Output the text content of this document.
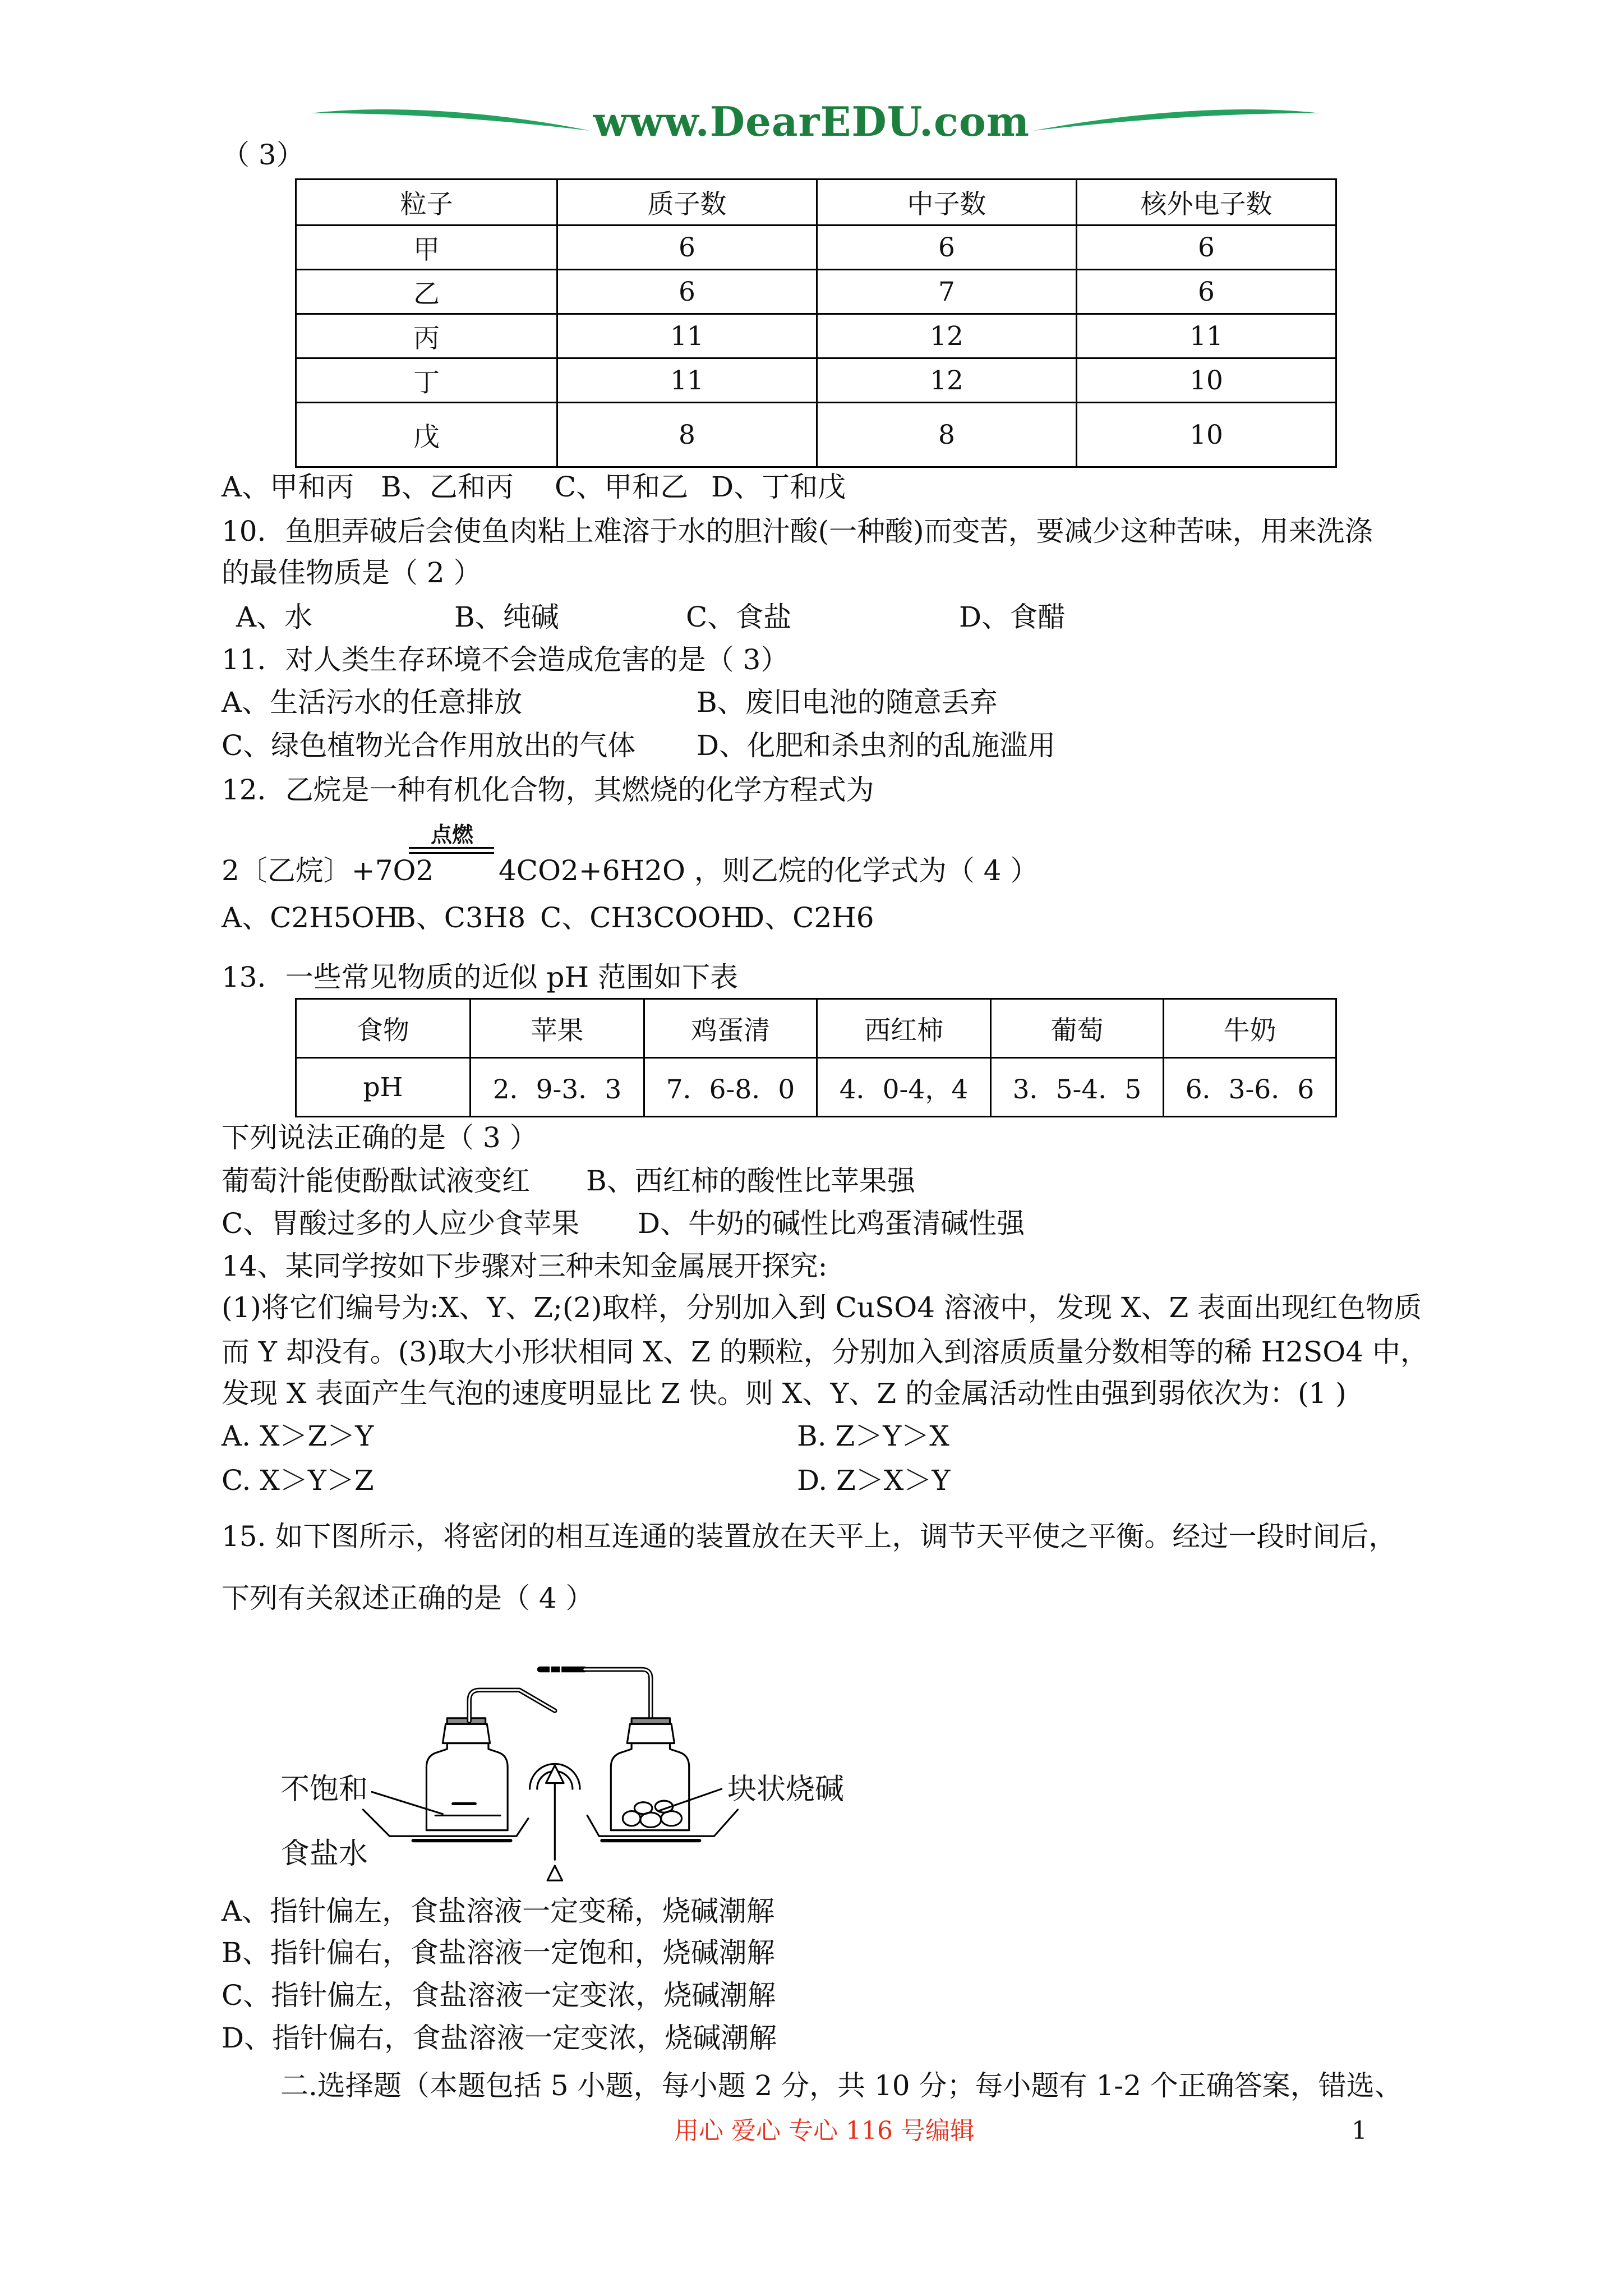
www.DearEDU.com
（ 3）
粒子	质子数	中子数	核外电子数
甲	6	6	6
乙	6	7	6
丙	11	12	11
丁	11	12	10
戊	8	8	10
A、甲和丙 B、乙和丙 C、甲和乙 D、丁和戊
10．鱼胆弄破后会使鱼肉粘上难溶于水的胆汁酸(一种酸)而变苦，要减少这种苦味，用来洗涤
的最佳物质是（ 2 ）
A、水	B、纯碱	C、食盐	D、食醋
11．对人类生存环境不会造成危害的是（ 3）
A、生活污水的任意排放	B、废旧电池的随意丢弃
C、绿色植物光合作用放出的气体 D、化肥和杀虫剂的乱施滥用
12．乙烷是一种有机化合物，其燃烧的化学方程式为
点燃
2〔乙烷〕+7O2 4CO2+6H2O ，则乙烷的化学式为（ 4 ）
A、C2H5OH
B、C3H8 C、CH3COOH
D、C2H6
13．一些常见物质的近似 pH 范围如下表
食物	苹果	鸡蛋清	西红柿	葡萄	牛奶
pH	2．9-3．3	7．6-8．0	4．0-4，4	3．5-4．5	6．3-6．6
下列说法正确的是（ 3 ）
葡萄汁能使酚酞试液变红 B、西红柿的酸性比苹果强
C、胃酸过多的人应少食苹果 D、牛奶的碱性比鸡蛋清碱性强
14、某同学按如下步骤对三种未知金属展开探究:
(1)将它们编号为:X、Y、Z;(2)取样，分别加入到 CuSO4 溶液中，发现 X、Z 表面出现红色物质
而 Y 却没有。(3)取大小形状相同 X、Z 的颗粒，分别加入到溶质质量分数相等的稀 H2SO4 中，
发现 X 表面产生气泡的速度明显比 Z 快。则 X、Y、Z 的金属活动性由强到弱依次为：(1 )
A. X＞Z＞Y	B. Z＞Y＞X
C. X＞Y＞Z	D. Z＞X＞Y
15. 如下图所示，将密闭的相互连通的装置放在天平上，调节天平使之平衡。经过一段时间后，
下列有关叙述正确的是（ 4 ）
不饱和
食盐水
块状烧碱
A、指针偏左，食盐溶液一定变稀，烧碱潮解
B、指针偏右，食盐溶液一定饱和，烧碱潮解
C、指针偏左，食盐溶液一定变浓，烧碱潮解
D、指针偏右，食盐溶液一定变浓，烧碱潮解
二.选择题（本题包括 5 小题，每小题 2 分，共 10 分；每小题有 1-2 个正确答案，错选、
用心 爱心 专心 116 号编辑	1
